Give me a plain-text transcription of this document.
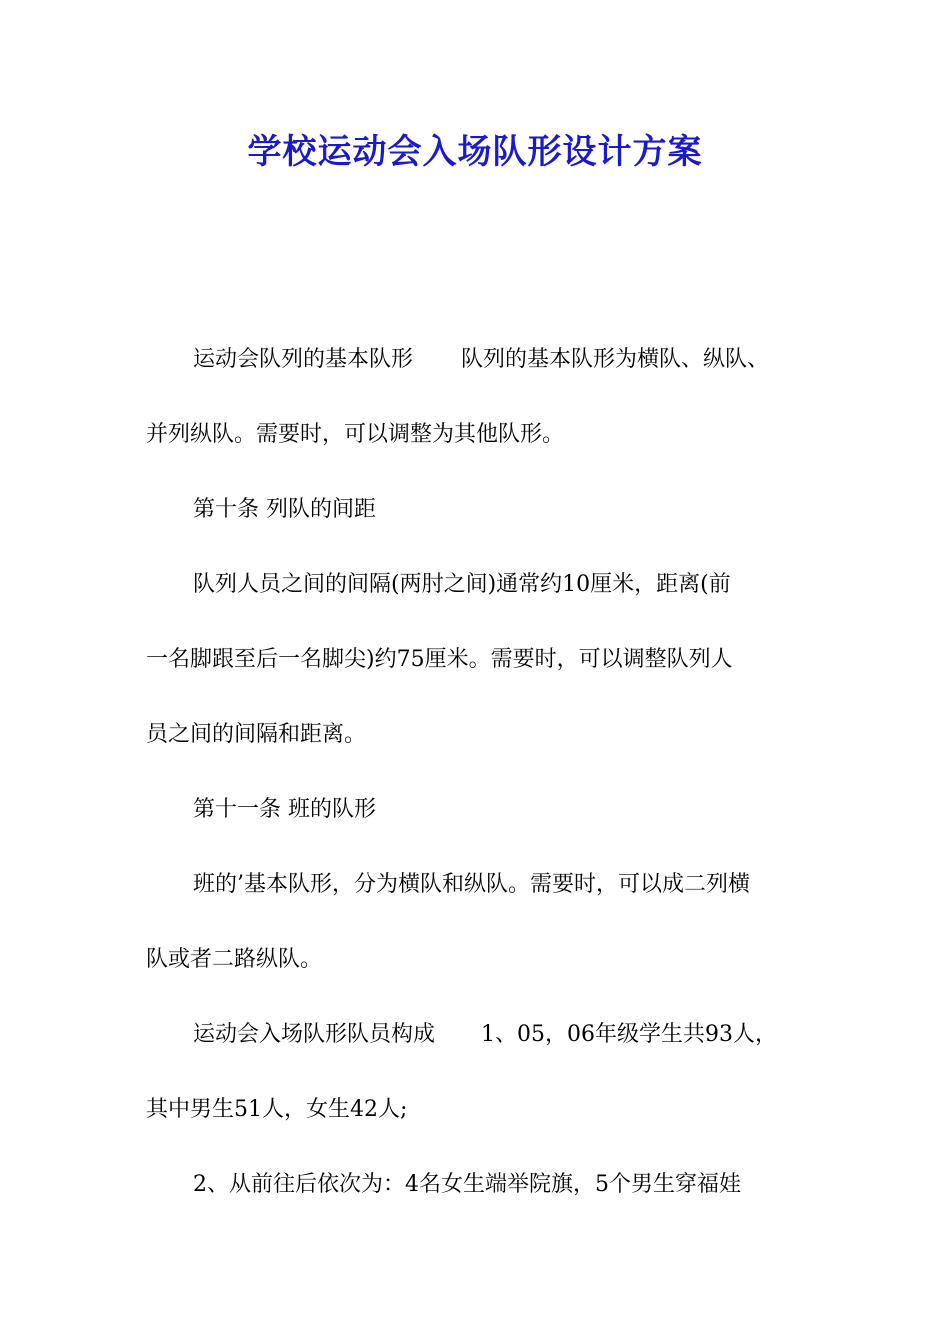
学校运动会入场队形设计方案

运动会队列的基本队形 队列的基本队形为横队、纵队、

并列纵队。需要时，可以调整为其他队形。

第十条 列队的间距

队列人员之间的间隔(两肘之间)通常约10厘米，距离(前

一名脚跟至后一名脚尖)约75厘米。需要时，可以调整队列人

员之间的间隔和距离。

第十一条 班的队形

班的’基本队形，分为横队和纵队。需要时，可以成二列横

队或者二路纵队。

运动会入场队形队员构成 1、05，06年级学生共93人，

其中男生51人，女生42人;

2、从前往后依次为：4名女生端举院旗，5个男生穿福娃
